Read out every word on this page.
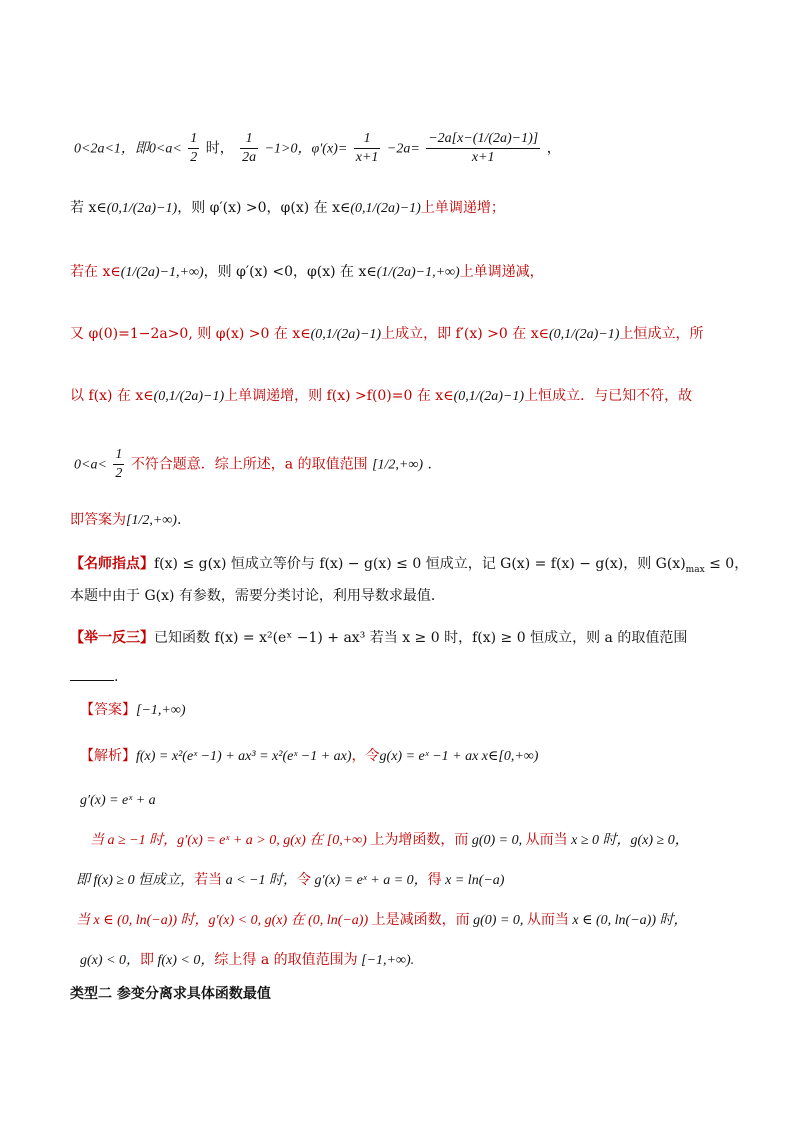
0<2a<1，即$0<a< \frac{1}{2}$ 时， $\frac{1}{2a} -1>0$，$\varphi'(x)= \frac{1}{x+1} -2a= \frac{-2a[x-(1/(2a)-1)]}{x+1}$ ，
若 x∈(0,1/(2a)−1)，则 φ′(x) >0，φ(x) 在 x∈(0,1/(2a)−1)上单调递增；
若在 x∈(1/(2a)−1,+∞)，则 φ′(x) <0，φ(x) 在 x∈(1/(2a)−1,+∞)上单调递减，
又 φ(0)=1−2a>0, 则 φ(x) >0 在 x∈(0,1/(2a)−1)上成立，即 f′(x) >0 在 x∈(0,1/(2a)−1)上恒成立，所
以 f(x) 在 x∈(0,1/(2a)−1)上单调递增，则 f(x) >f(0)=0 在 x∈(0,1/(2a)−1)上恒成立．与已知不符，故
$0<a< \frac{1}{2}$ 不符合题意．综上所述，a 的取值范围 [1/2,+∞) .
即答案为[1/2,+∞).
【名师指点】f(x) ≤ g(x) 恒成立等价与 f(x) − g(x) ≤ 0 恒成立，记 G(x) = f(x) − g(x)，则 $G(x)_{max} \le 0$，
本题中由于 G(x) 有参数，需要分类讨论，利用导数求最值．
【举一反三】已知函数 f(x) = x²(eˣ −1) + ax³ 若当 x ≥ 0 时，f(x) ≥ 0 恒成立，则 a 的取值范围
.
【答案】[−1,+∞)
【解析】f(x) = x²(eˣ −1) + ax³ = x²(eˣ −1 + ax)，令g(x) = eˣ −1 + ax x∈[0,+∞)
g′(x) = eˣ + a
当 a ≥ −1 时，g′(x) = eˣ + a > 0, g(x) 在 [0,+∞) 上为增函数，而 g(0) = 0, 从而当 x ≥ 0 时，g(x) ≥ 0，
即 f(x) ≥ 0 恒成立，若当 a < −1 时，令 g′(x) = eˣ + a = 0，得 x = ln(−a)
当 x ∈ (0, ln(−a)) 时，g′(x) < 0, g(x) 在 (0, ln(−a)) 上是减函数，而 g(0) = 0, 从而当 x ∈ (0, ln(−a)) 时，
g(x) < 0，即 f(x) < 0，综上得 a 的取值范围为 [−1,+∞).
类型二 参变分离求具体函数最值
